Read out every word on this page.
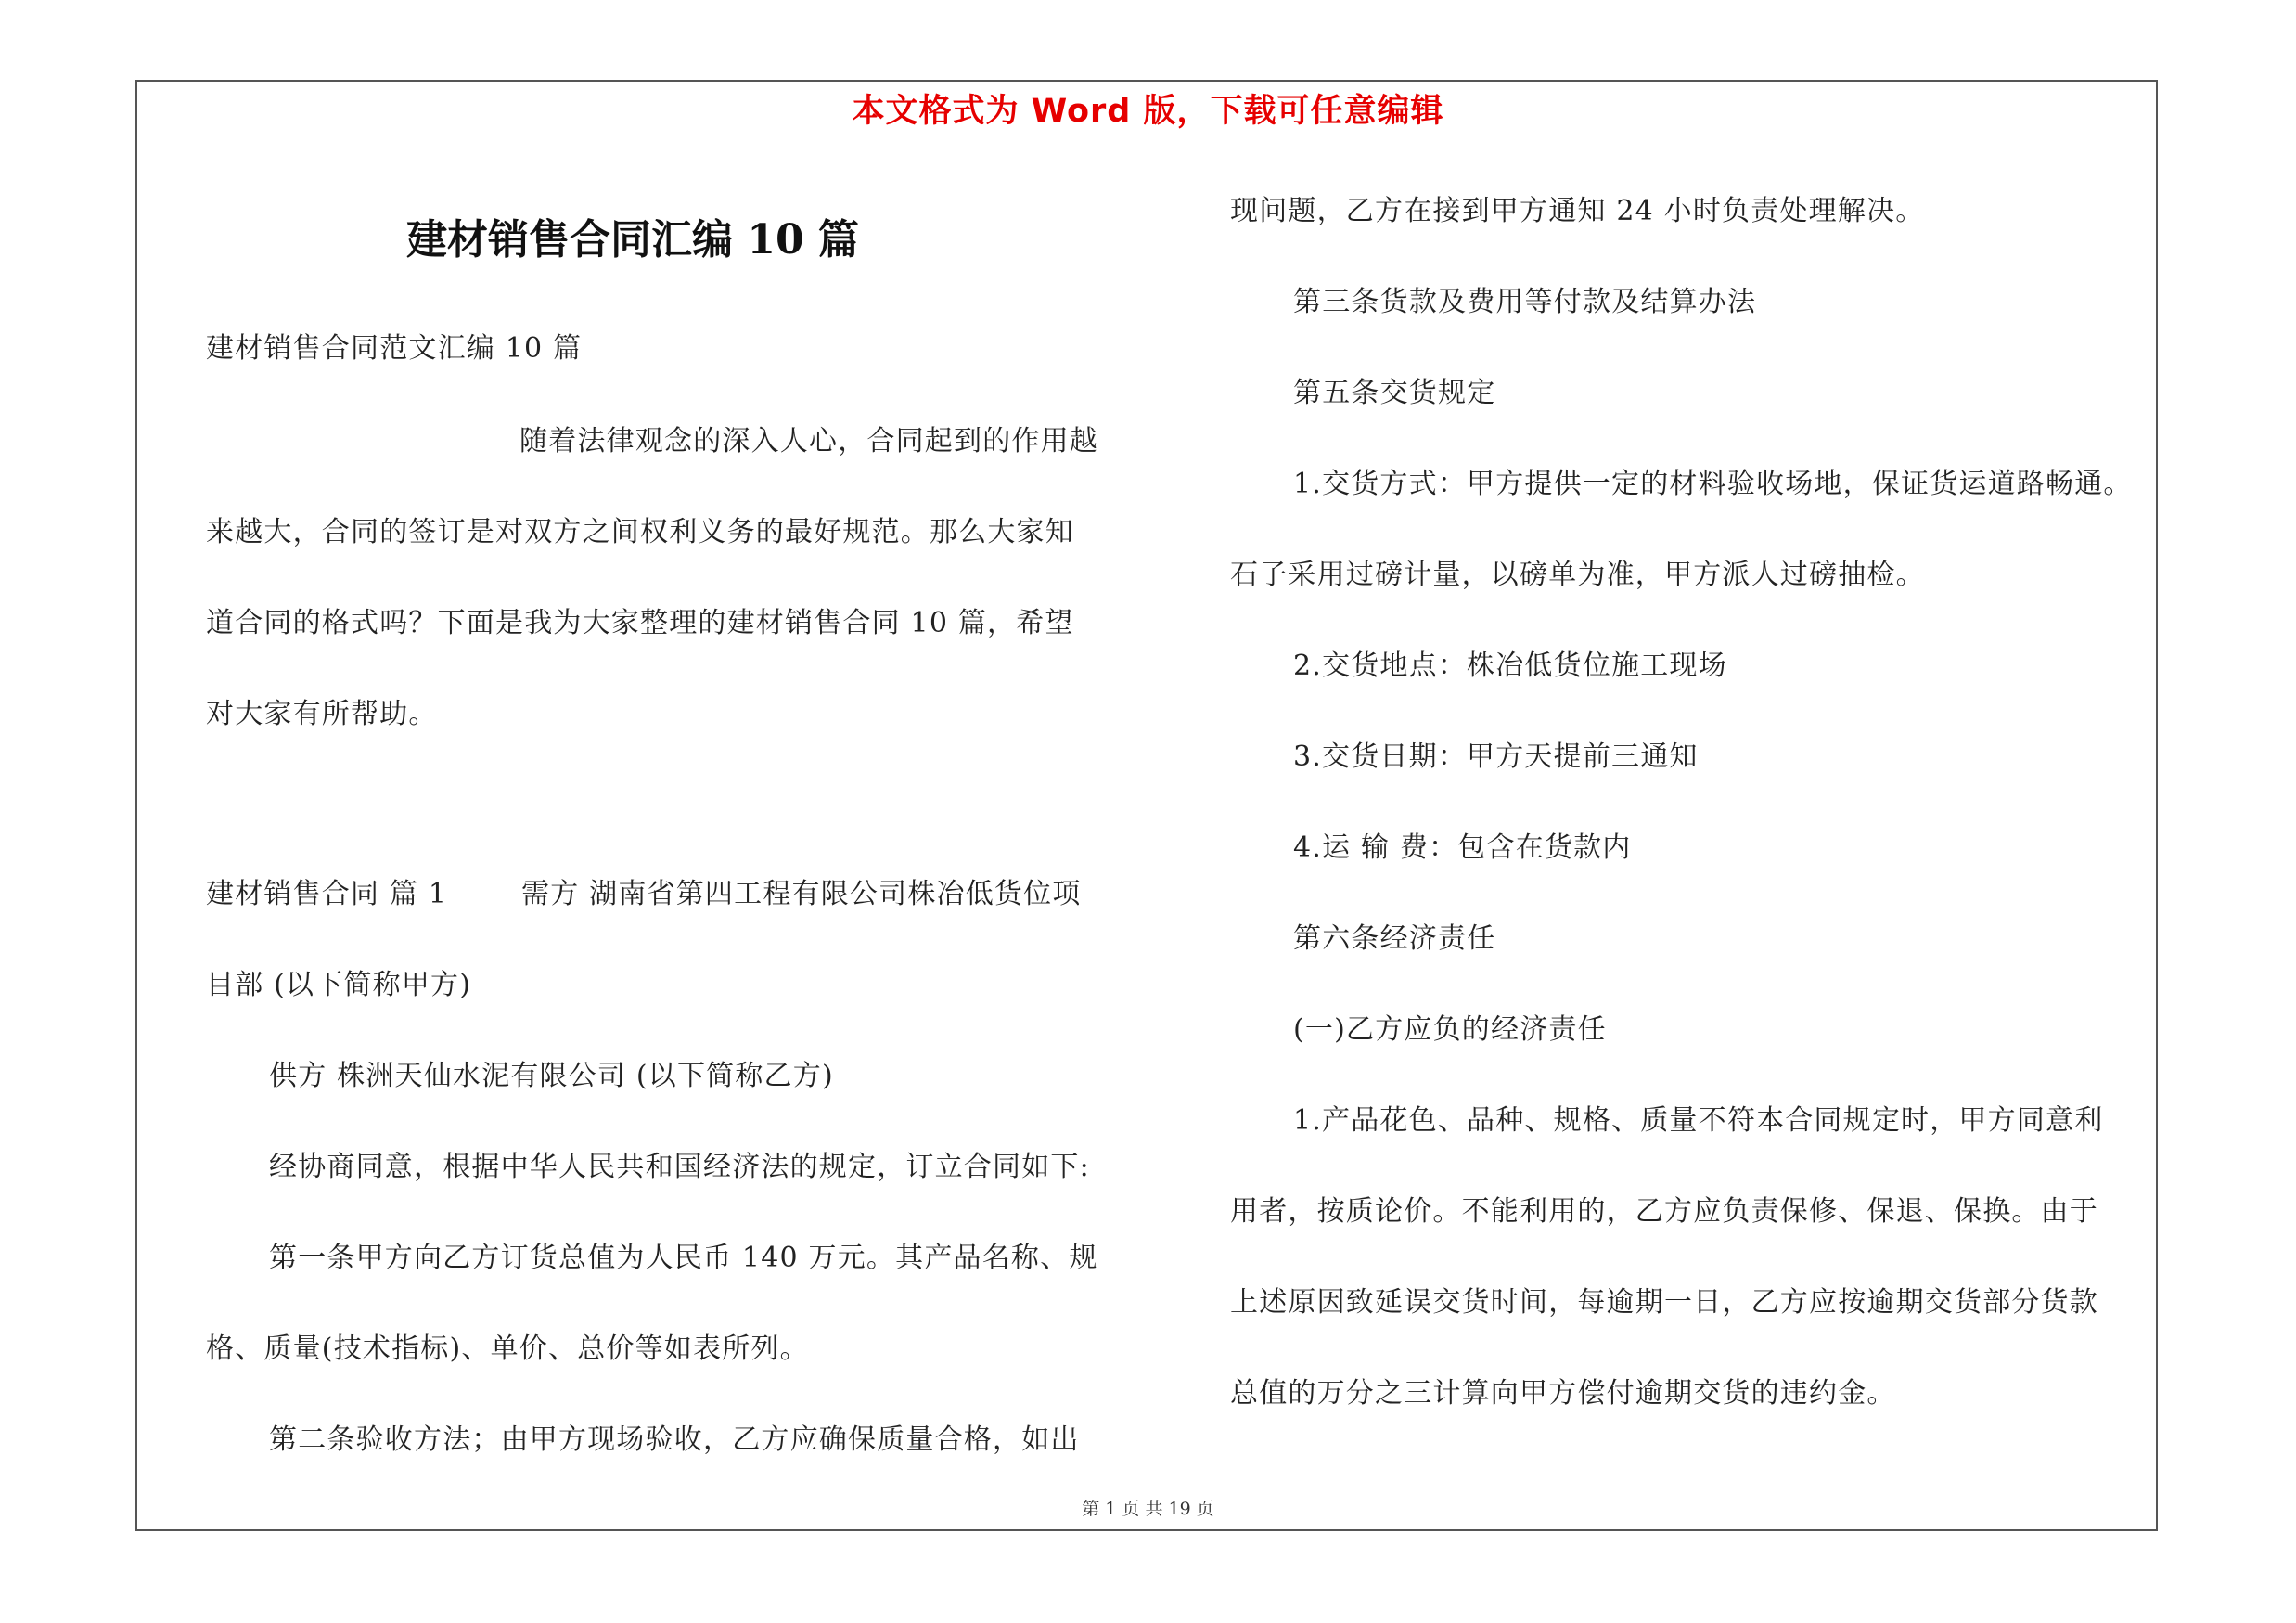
本文格式为 Word 版，下载可任意编辑
建材销售合同汇编 10 篇
建材销售合同范文汇编 10 篇
随着法律观念的深入人心，合同起到的作用越
来越大，合同的签订是对双方之间权利义务的最好规范。那么大家知
道合同的格式吗？下面是我为大家整理的建材销售合同 10 篇，希望
对大家有所帮助。
建材销售合同 篇 1	需方 湖南省第四工程有限公司株冶低货位项
目部 (以下简称甲方)
供方 株洲天仙水泥有限公司 (以下简称乙方)
经协商同意，根据中华人民共和国经济法的规定，订立合同如下:
第一条甲方向乙方订货总值为人民币 140 万元。其产品名称、规
格、质量(技术指标)、单价、总价等如表所列。
第二条验收方法；由甲方现场验收，乙方应确保质量合格，如出
现问题，乙方在接到甲方通知 24 小时负责处理解决。
第三条货款及费用等付款及结算办法
第五条交货规定
1.交货方式：甲方提供一定的材料验收场地，保证货运道路畅通。
石子采用过磅计量，以磅单为准，甲方派人过磅抽检。
2.交货地点：株冶低货位施工现场
3.交货日期：甲方天提前三通知
4.运 输 费：包含在货款内
第六条经济责任
(一)乙方应负的经济责任
1.产品花色、品种、规格、质量不符本合同规定时，甲方同意利
用者，按质论价。不能利用的，乙方应负责保修、保退、保换。由于
上述原因致延误交货时间，每逾期一日，乙方应按逾期交货部分货款
总值的万分之三计算向甲方偿付逾期交货的违约金。
第 1 页 共 19 页
